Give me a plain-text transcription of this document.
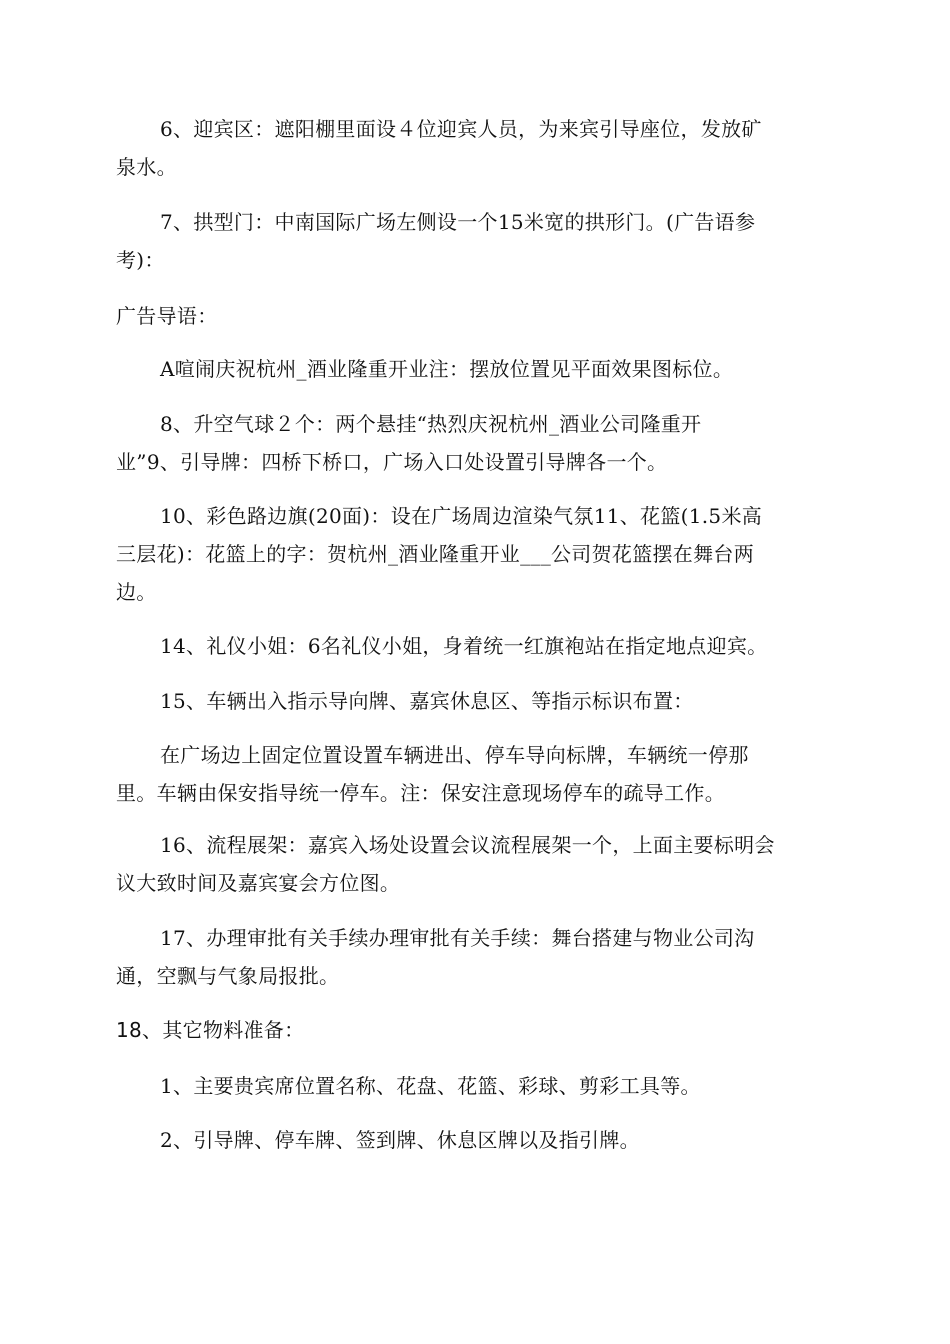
6、迎宾区：遮阳棚里面设４位迎宾人员，为来宾引导座位，发放矿
泉水。

7、拱型门：中南国际广场左侧设一个15米宽的拱形门。(广告语参
考)：

广告导语：

A喧闹庆祝杭州_酒业隆重开业注：摆放位置见平面效果图标位。

8、升空气球２个：两个悬挂“热烈庆祝杭州_酒业公司隆重开
业”9、引导牌：四桥下桥口，广场入口处设置引导牌各一个。

10、彩色路边旗(20面)：设在广场周边渲染气氛11、花篮(1.5米高
三层花)：花篮上的字：贺杭州_酒业隆重开业___公司贺花篮摆在舞台两
边。

14、礼仪小姐：6名礼仪小姐，身着统一红旗袍站在指定地点迎宾。

15、车辆出入指示导向牌、嘉宾休息区、等指示标识布置：

在广场边上固定位置设置车辆进出、停车导向标牌，车辆统一停那
里。车辆由保安指导统一停车。注：保安注意现场停车的疏导工作。

16、流程展架：嘉宾入场处设置会议流程展架一个，上面主要标明会
议大致时间及嘉宾宴会方位图。

17、办理审批有关手续办理审批有关手续：舞台搭建与物业公司沟
通，空飘与气象局报批。

18、其它物料准备：

1、主要贵宾席位置名称、花盘、花篮、彩球、剪彩工具等。

2、引导牌、停车牌、签到牌、休息区牌以及指引牌。
